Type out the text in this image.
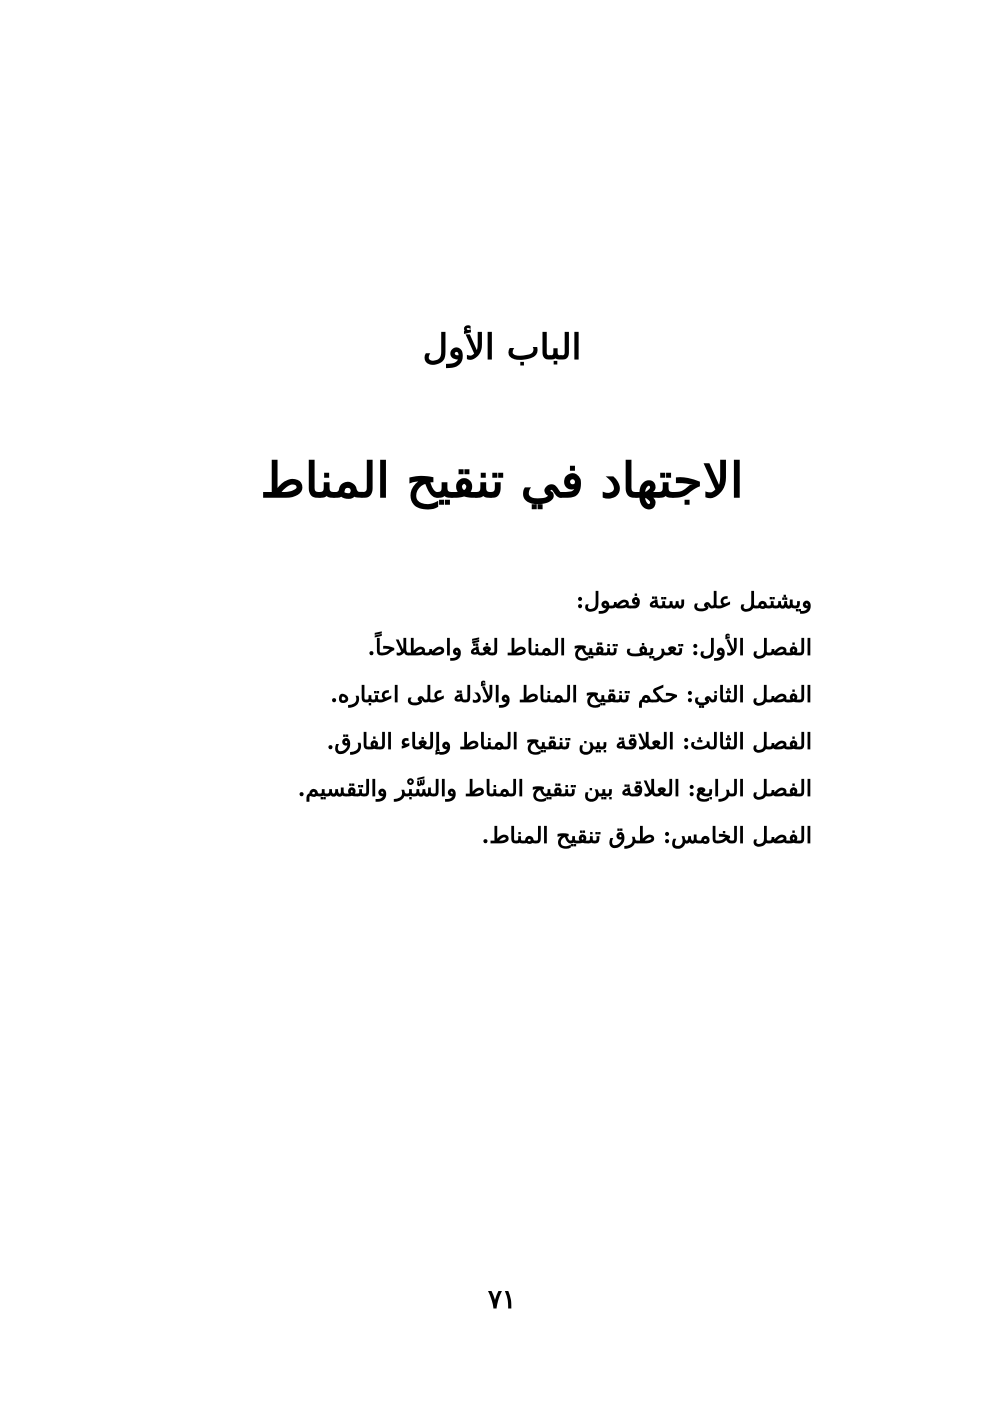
الباب الأول
الاجتهاد في تنقيح المناط

ويشتمل على ستة فصول:

الفصل الأول: تعريف تنقيح المناط لغةً واصطلاحاً.
الفصل الثاني: حكم تنقيح المناط والأدلة على اعتباره.
الفصل الثالث: العلاقة بين تنقيح المناط وإلغاء الفارق.
الفصل الرابع: العلاقة بين تنقيح المناط والسَّبْر والتقسيم.
الفصل الخامس: طرق تنقيح المناط.
٧١
